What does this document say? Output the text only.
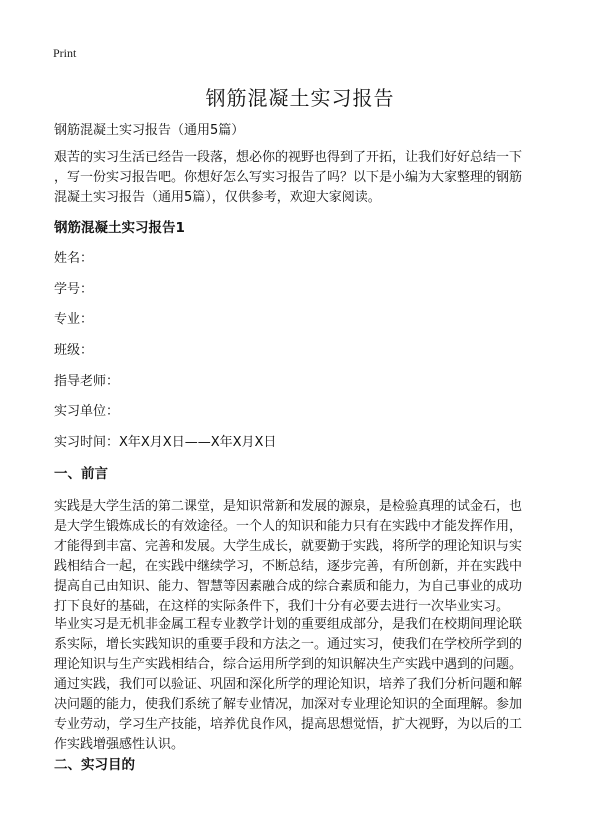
Print
钢筋混凝土实习报告
钢筋混凝土实习报告（通用5篇）

艰苦的实习生活已经告一段落，想必你的视野也得到了开拓，让我们好好总结一下

，写一份实习报告吧。你想好怎么写实习报告了吗？以下是小编为大家整理的钢筋

混凝土实习报告（通用5篇），仅供参考，欢迎大家阅读。

钢筋混凝土实习报告1
姓名：
学号：
专业：
班级：
指导老师：
实习单位：
实习时间：X年X月X日——X年X月X日
一、前言

实践是大学生活的第二课堂，是知识常新和发展的源泉，是检验真理的试金石，也

是大学生锻炼成长的有效途径。一个人的知识和能力只有在实践中才能发挥作用，

才能得到丰富、完善和发展。大学生成长，就要勤于实践，将所学的理论知识与实

践相结合一起，在实践中继续学习，不断总结，逐步完善，有所创新，并在实践中

提高自己由知识、能力、智慧等因素融合成的综合素质和能力，为自己事业的成功

打下良好的基础，在这样的实际条件下，我们十分有必要去进行一次毕业实习。

毕业实习是无机非金属工程专业教学计划的重要组成部分，是我们在校期间理论联

系实际，增长实践知识的重要手段和方法之一。通过实习，使我们在学校所学到的

理论知识与生产实践相结合，综合运用所学到的知识解决生产实践中遇到的问题。

通过实践，我们可以验证、巩固和深化所学的理论知识，培养了我们分析问题和解

决问题的能力，使我们系统了解专业情况，加深对专业理论知识的全面理解。参加

专业劳动，学习生产技能，培养优良作风，提高思想觉悟，扩大视野，为以后的工

作实践增强感性认识。

二、实习目的
